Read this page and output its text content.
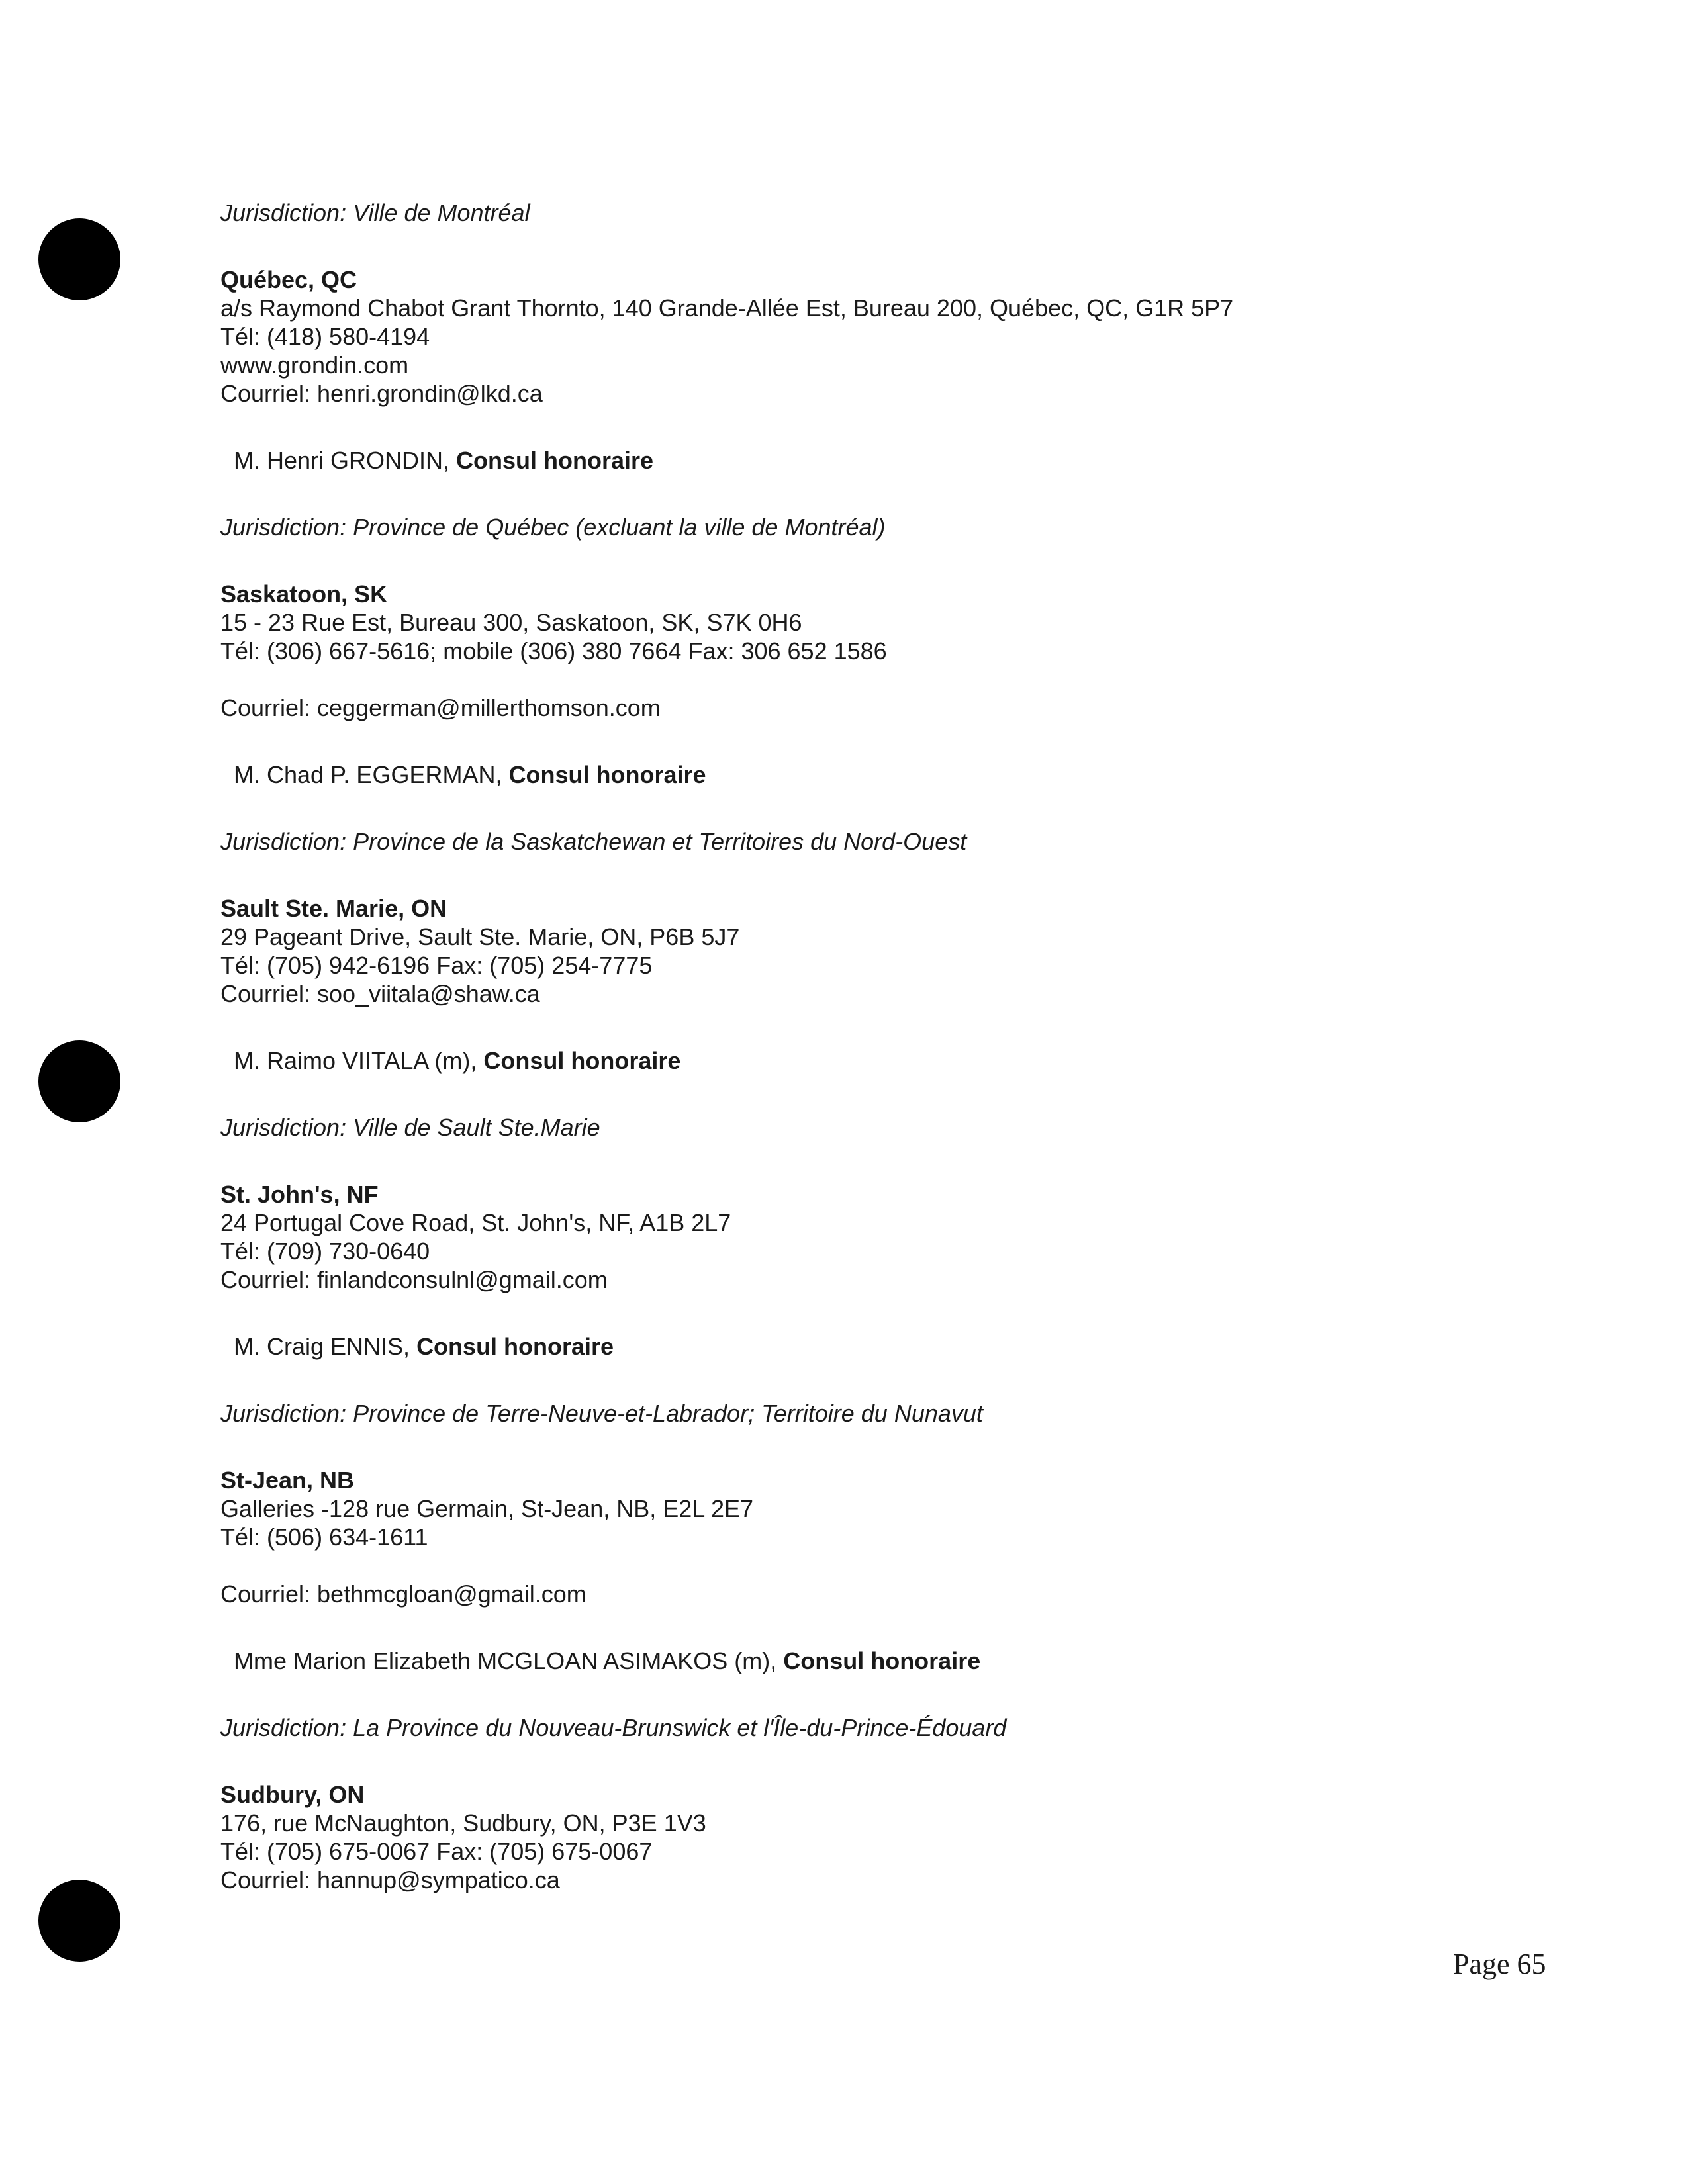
Jurisdiction: Ville de Montréal
Québec, QC
a/s Raymond Chabot Grant Thornto, 140 Grande-Allée Est, Bureau 200, Québec, QC, G1R 5P7
Tél: (418) 580-4194
www.grondin.com
Courriel: henri.grondin@lkd.ca
M. Henri GRONDIN, Consul honoraire
Jurisdiction: Province de Québec (excluant la ville de Montréal)
Saskatoon, SK
15 - 23 Rue Est, Bureau 300, Saskatoon, SK, S7K 0H6
Tél: (306) 667-5616; mobile (306) 380 7664 Fax: 306 652 1586
Courriel: ceggerman@millerthomson.com
M. Chad P. EGGERMAN, Consul honoraire
Jurisdiction: Province de la Saskatchewan et Territoires du Nord-Ouest
Sault Ste. Marie, ON
29 Pageant Drive, Sault Ste. Marie, ON, P6B 5J7
Tél: (705) 942-6196 Fax: (705) 254-7775
Courriel: soo_viitala@shaw.ca
M. Raimo VIITALA (m), Consul honoraire
Jurisdiction: Ville de Sault Ste.Marie
St. John's, NF
24 Portugal Cove Road, St. John's, NF, A1B 2L7
Tél: (709) 730-0640
Courriel: finlandconsulnl@gmail.com
M. Craig ENNIS, Consul honoraire
Jurisdiction: Province de Terre-Neuve-et-Labrador; Territoire du Nunavut
St-Jean, NB
Galleries -128 rue Germain, St-Jean, NB, E2L 2E7
Tél: (506) 634-1611
Courriel: bethmcgloan@gmail.com
Mme Marion Elizabeth MCGLOAN ASIMAKOS (m), Consul honoraire
Jurisdiction: La Province du Nouveau-Brunswick et l'Île-du-Prince-Édouard
Sudbury, ON
176, rue McNaughton, Sudbury, ON, P3E 1V3
Tél: (705) 675-0067 Fax: (705) 675-0067
Courriel: hannup@sympatico.ca
Page 65
